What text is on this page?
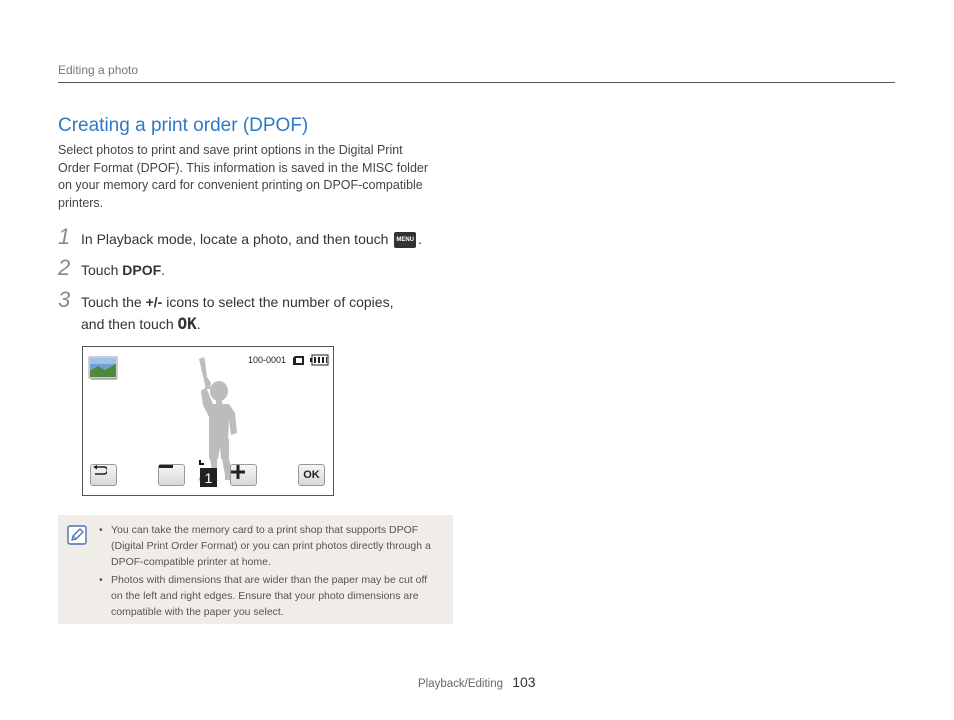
Editing a photo
Creating a print order (DPOF)
Select photos to print and save print options in the Digital Print Order Format (DPOF). This information is saved in the MISC folder on your memory card for convenient printing on DPOF-compatible printers.
1 In Playback mode, locate a photo, and then touch MENU .
2 Touch DPOF.
3 Touch the +/- icons to select the number of copies,
and then touch OK.
100-0001
1	OK
• You can take the memory card to a print shop that supports DPOF (Digital Print Order Format) or you can print photos directly through a DPOF-compatible printer at home.
• Photos with dimensions that are wider than the paper may be cut off on the left and right edges. Ensure that your photo dimensions are compatible with the paper you select.
Playback/Editing 103
